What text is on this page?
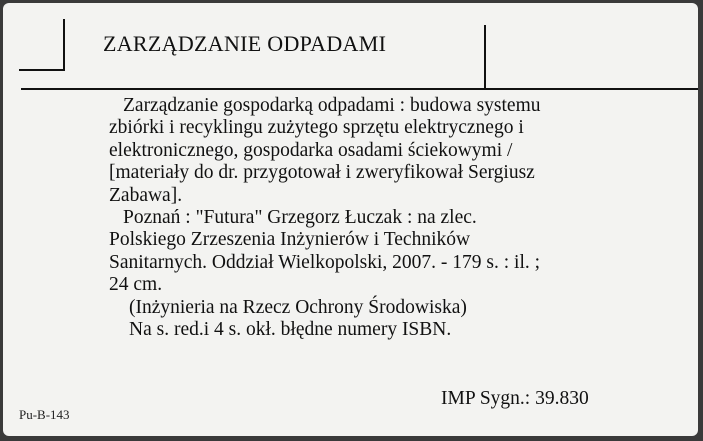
ZARZĄDZANIE ODPADAMI
Zarządzanie gospodarką odpadami : budowa systemu
zbiórki i recyklingu zużytego sprzętu elektrycznego i
elektronicznego, gospodarka osadami ściekowymi /
[materiały do dr. przygotował i zweryfikował Sergiusz
Zabawa].
Poznań : "Futura" Grzegorz Łuczak : na zlec.
Polskiego Zrzeszenia Inżynierów i Techników
Sanitarnych. Oddział Wielkopolski, 2007. - 179 s. : il. ;
24 cm.
(Inżynieria na Rzecz Ochrony Środowiska)
Na s. red.i 4 s. okł. błędne numery ISBN.
Pu-B-143
IMP Sygn.: 39.830
